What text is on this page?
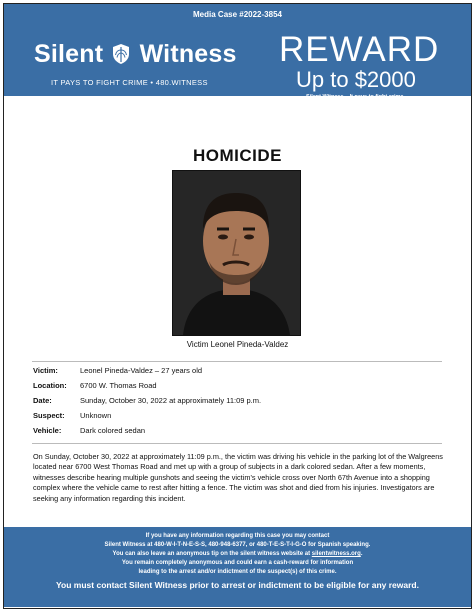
Media Case #2022-3854
Silent Witness
IT PAYS TO FIGHT CRIME • 480.WITNESS
REWARD
Up to $2000
Silent Witness – It pays to fight crime
HOMICIDE
Victim Leonel Pineda-Valdez
Victim:	Leonel Pineda-Valdez – 27 years old
Location: 6700 W. Thomas Road
Date:	Sunday, October 30, 2022 at approximately 11:09 p.m.
Suspect: Unknown
Vehicle: Dark colored sedan
On Sunday, October 30, 2022 at approximately 11:09 p.m., the victim was driving his vehicle in the parking lot of the Walgreens located near 6700 West Thomas Road and met up with a group of subjects in a dark colored sedan. After a few moments, witnesses describe hearing multiple gunshots and seeing the victim’s vehicle cross over North 67th Avenue into a shopping complex where the vehicle came to rest after hitting a fence. The victim was shot and died from his injuries. Investigators are seeking any information regarding this incident.
If you have any information regarding this case you may contact
Silent Witness at 480-W-I-T-N-E-S-S, 480-948-6377, or 480-T-E-S-T-I-G-O for Spanish speaking.
You can also leave an anonymous tip on the silent witness website at silentwitness.org.
You remain completely anonymous and could earn a cash-reward for information
leading to the arrest and/or indictment of the suspect(s) of this crime.
You must contact Silent Witness prior to arrest or indictment to be eligible for any reward.
